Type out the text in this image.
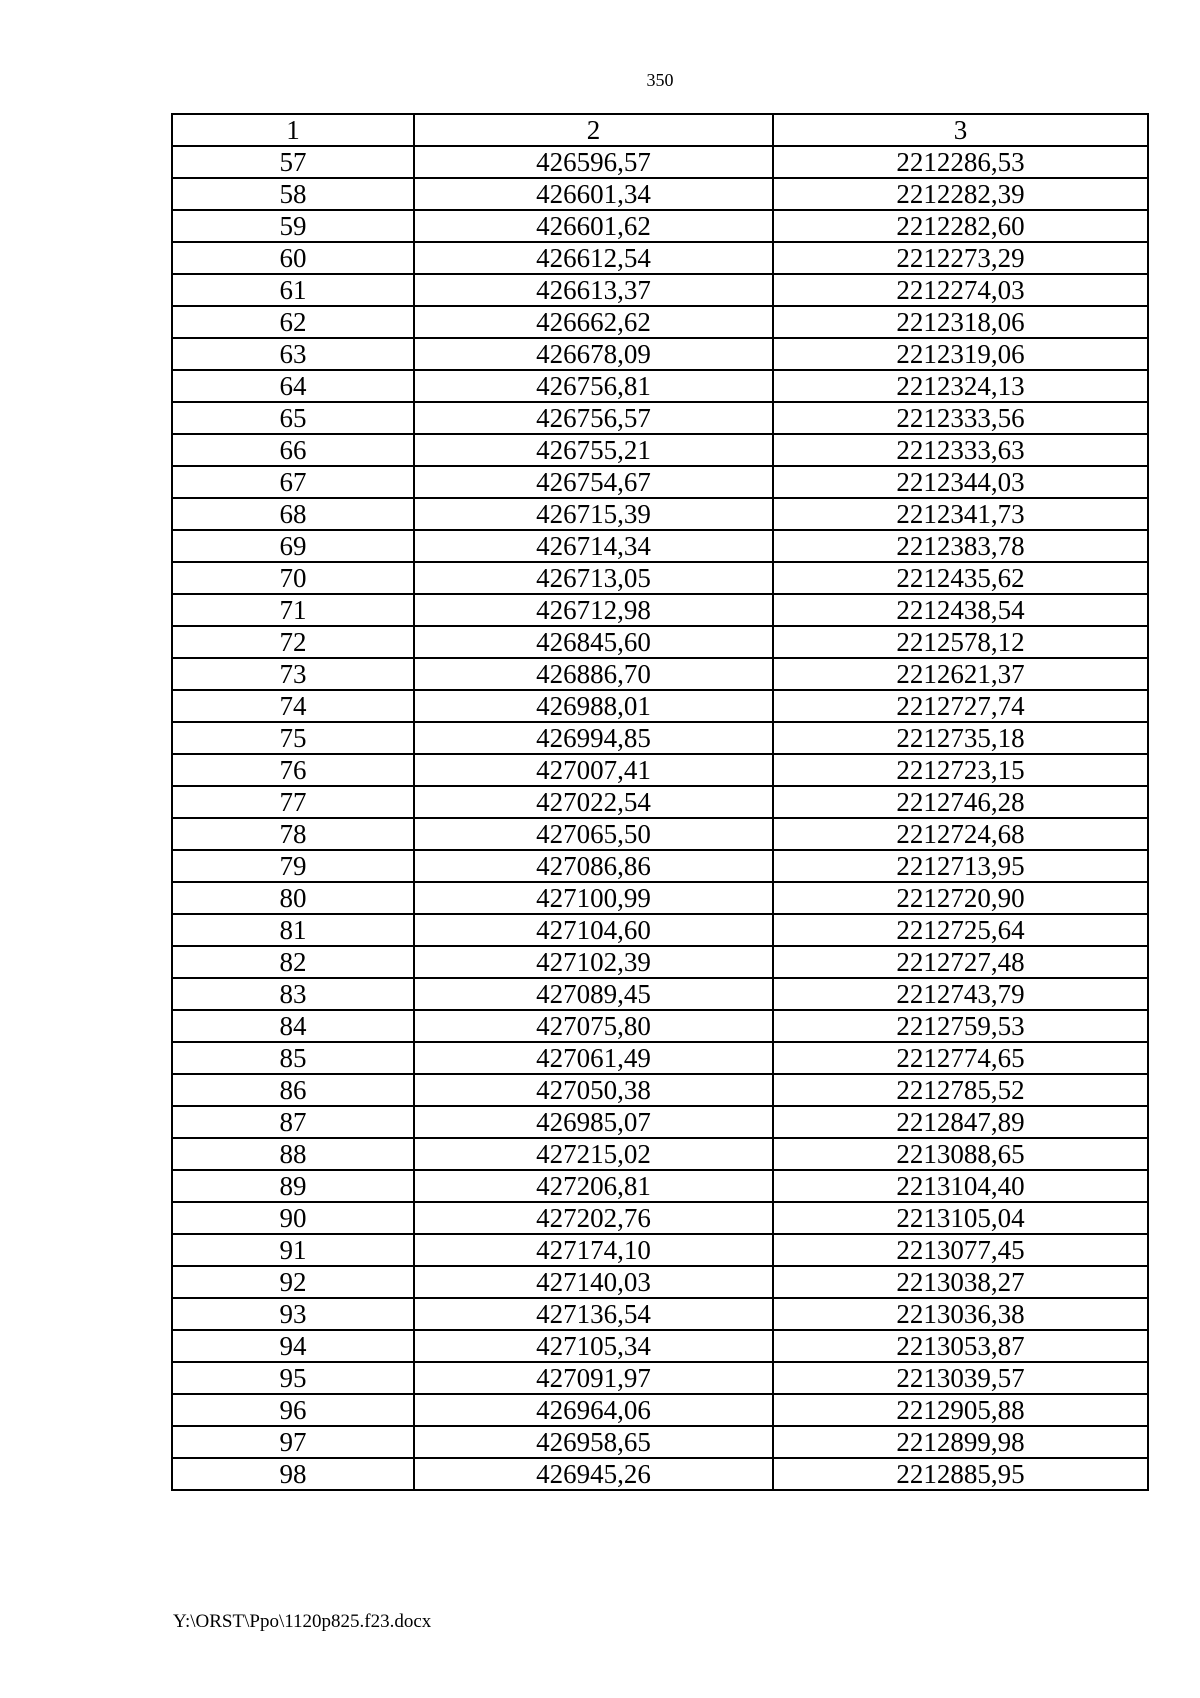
350
1	2	3
57	426596,57	2212286,53
58	426601,34	2212282,39
59	426601,62	2212282,60
60	426612,54	2212273,29
61	426613,37	2212274,03
62	426662,62	2212318,06
63	426678,09	2212319,06
64	426756,81	2212324,13
65	426756,57	2212333,56
66	426755,21	2212333,63
67	426754,67	2212344,03
68	426715,39	2212341,73
69	426714,34	2212383,78
70	426713,05	2212435,62
71	426712,98	2212438,54
72	426845,60	2212578,12
73	426886,70	2212621,37
74	426988,01	2212727,74
75	426994,85	2212735,18
76	427007,41	2212723,15
77	427022,54	2212746,28
78	427065,50	2212724,68
79	427086,86	2212713,95
80	427100,99	2212720,90
81	427104,60	2212725,64
82	427102,39	2212727,48
83	427089,45	2212743,79
84	427075,80	2212759,53
85	427061,49	2212774,65
86	427050,38	2212785,52
87	426985,07	2212847,89
88	427215,02	2213088,65
89	427206,81	2213104,40
90	427202,76	2213105,04
91	427174,10	2213077,45
92	427140,03	2213038,27
93	427136,54	2213036,38
94	427105,34	2213053,87
95	427091,97	2213039,57
96	426964,06	2212905,88
97	426958,65	2212899,98
98	426945,26	2212885,95
Y:\ORST\Ppo\1120p825.f23.docx
